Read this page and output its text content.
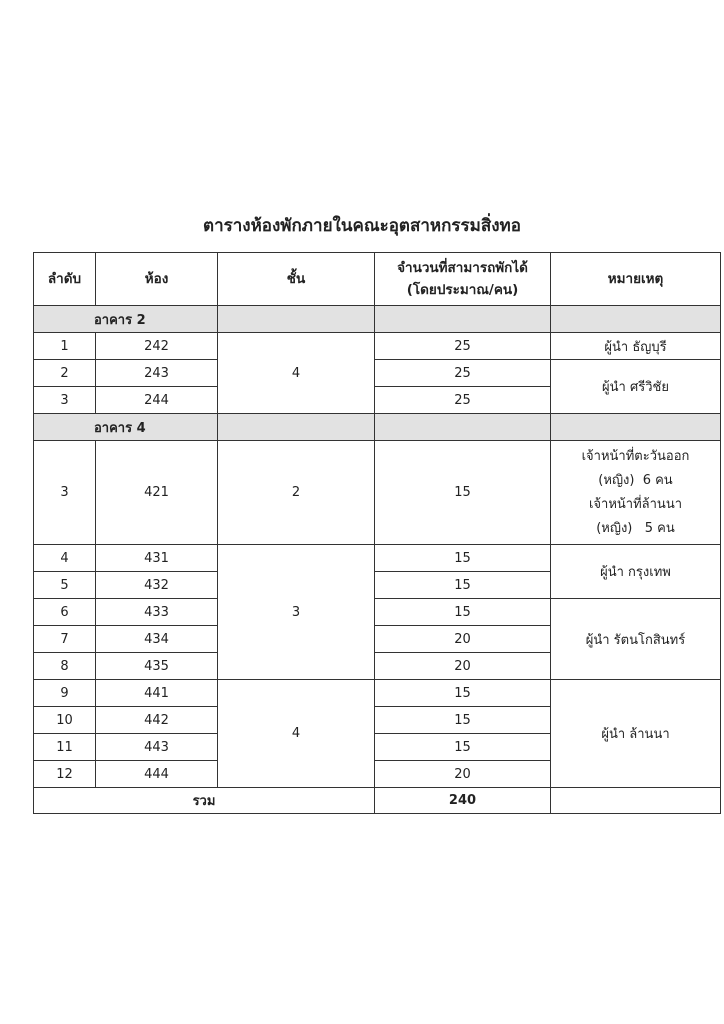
ตารางห้องพักภายในคณะอุตสาหกรรมสิ่งทอ
ลำดับ	ห้อง	ชั้น	จำนวนที่สามารถพักได้
(โดยประมาณ/คน)	หมายเหตุ
อาคาร 2				
1	242	4	25	ผู้นำ ธัญบุรี
2	243		25	ผู้นำ ศรีวิชัย
3	244		25	
อาคาร 4				
3	421	2	15	เจ้าหน้าที่ตะวันออก
(หญิง)  6 คน
เจ้าหน้าที่ล้านนา
(หญิง)   5 คน
4	431	3	15	ผู้นำ กรุงเทพ
5	432		15	
6	433		15	ผู้นำ รัตนโกสินทร์
7	434		20	
8	435		20	
9	441	4	15	ผู้นำ ล้านนา
10	442		15	
11	443		15	
12	444		20	
รวม			240	
